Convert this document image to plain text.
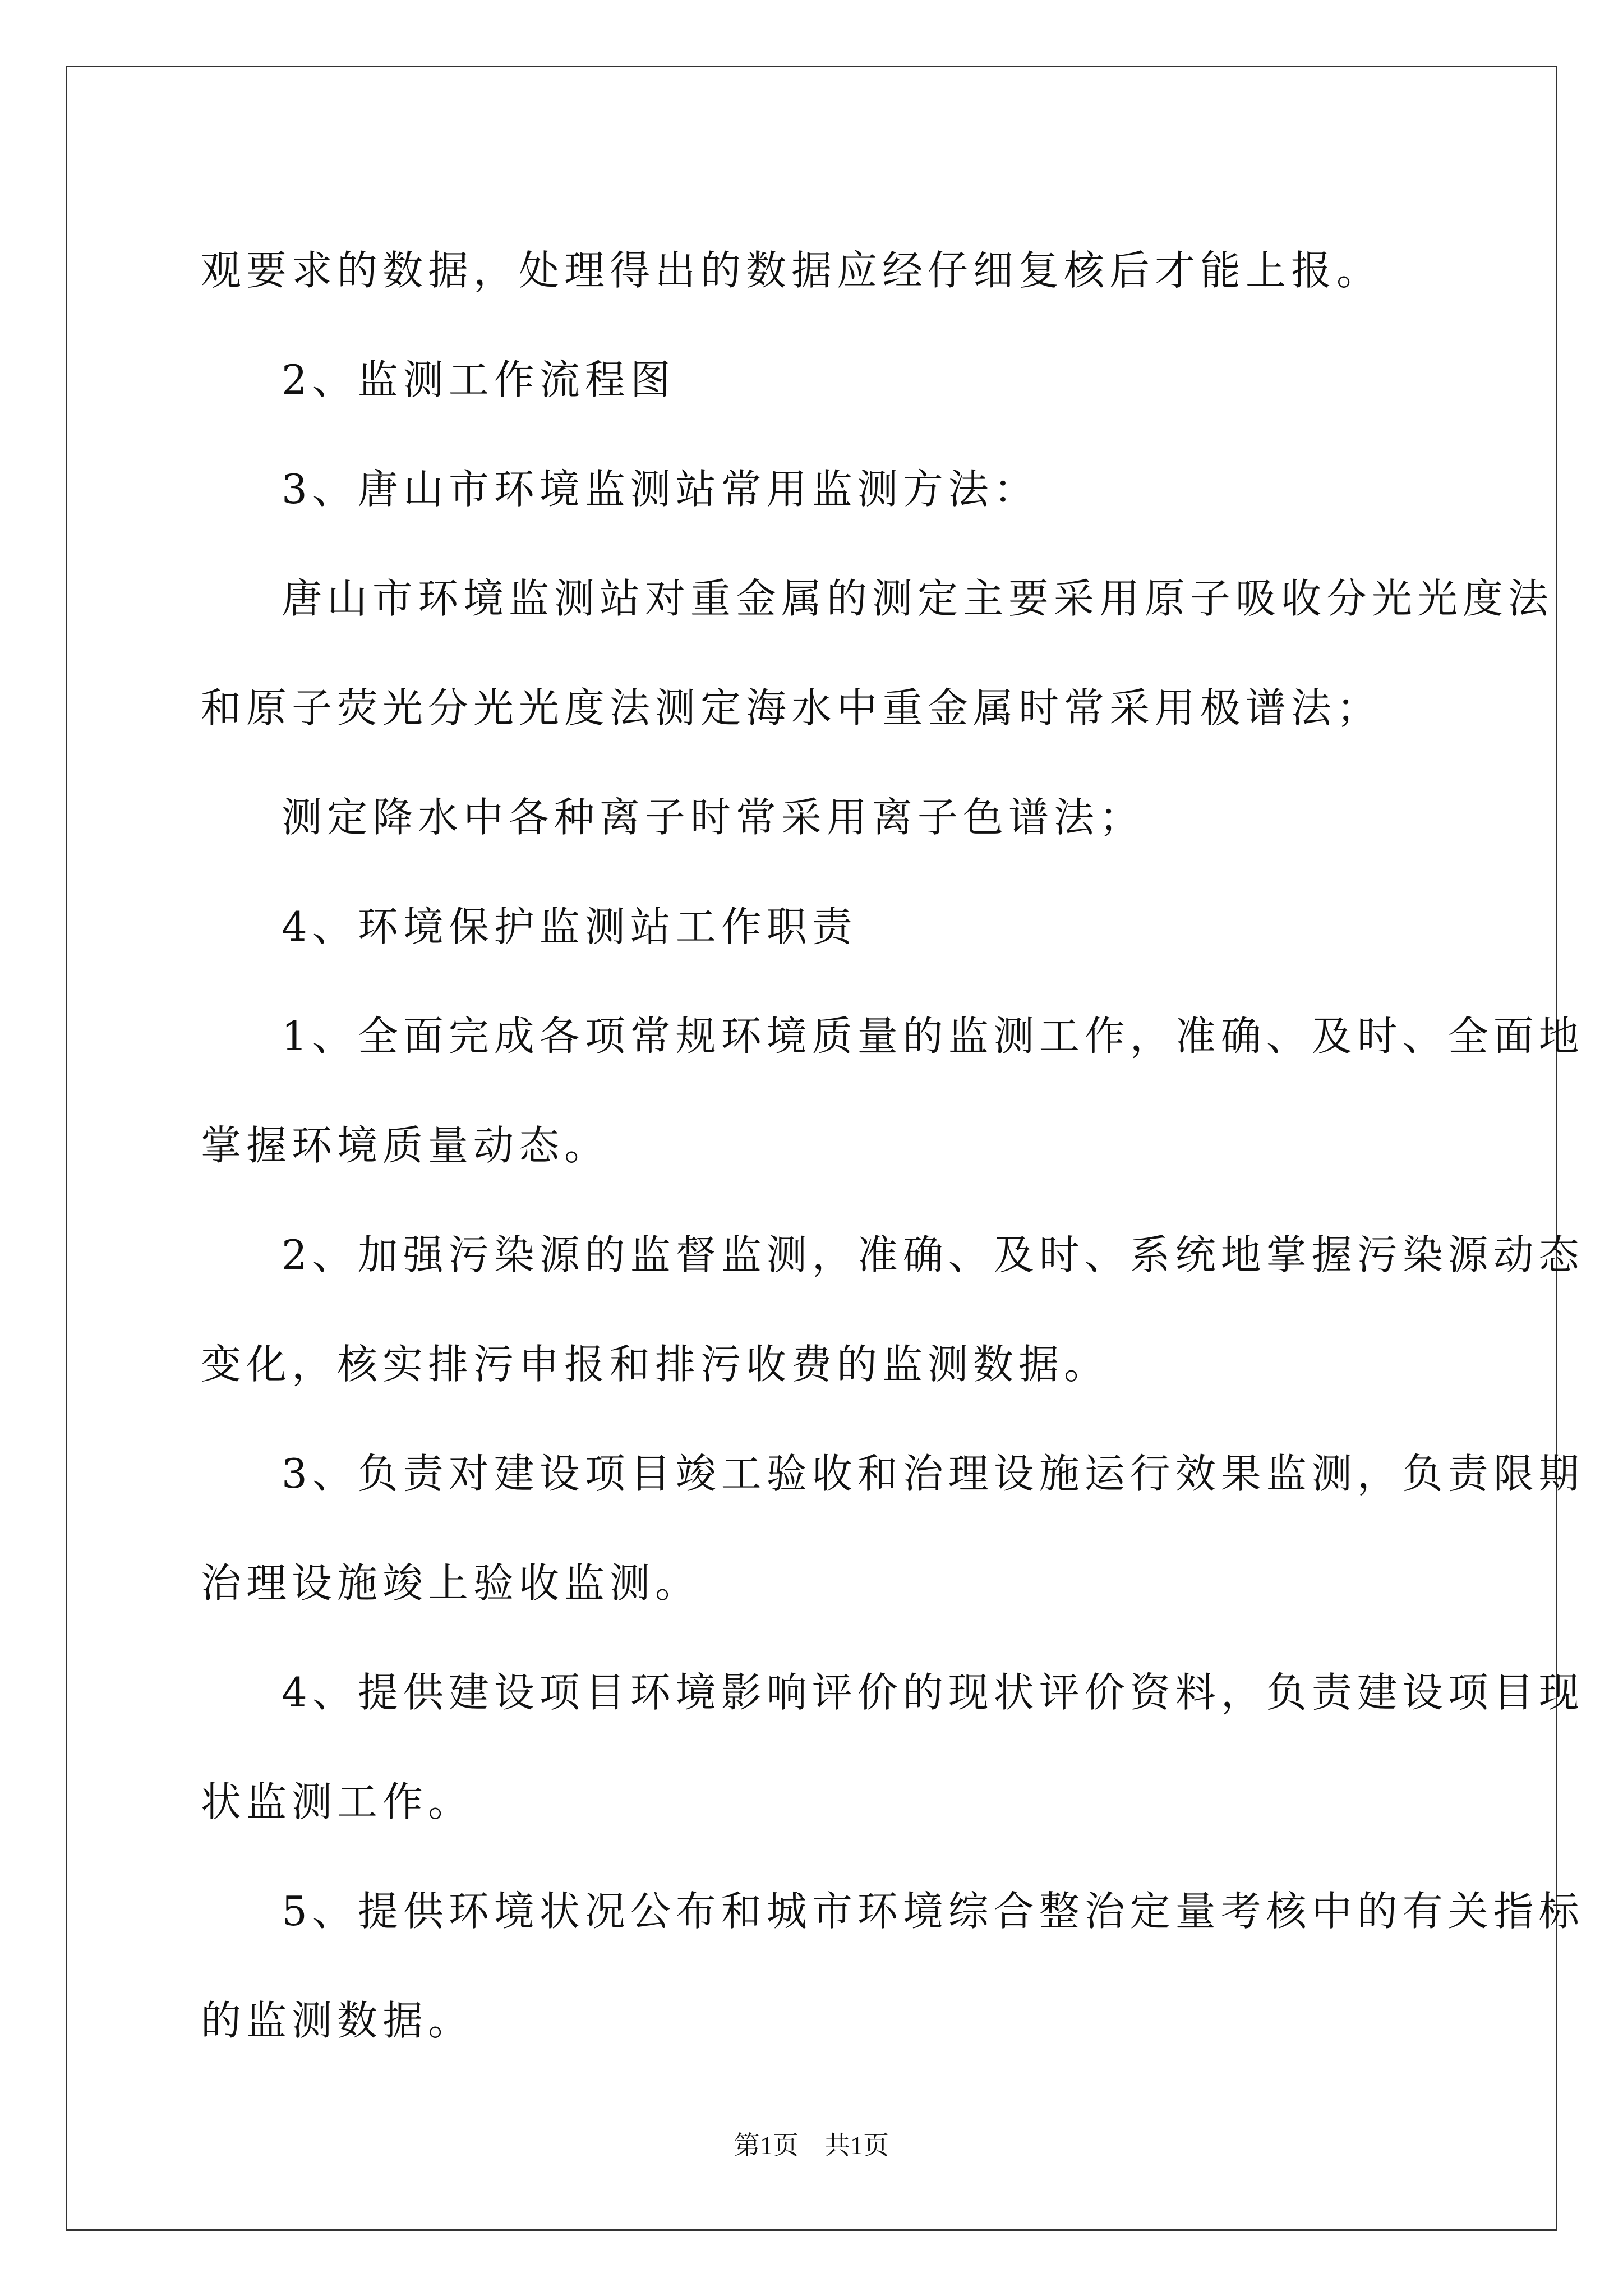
观要求的数据，处理得出的数据应经仔细复核后才能上报。

2、监测工作流程图

3、唐山市环境监测站常用监测方法：

唐山市环境监测站对重金属的测定主要采用原子吸收分光光度法

和原子荧光分光光度法测定海水中重金属时常采用极谱法；

测定降水中各种离子时常采用离子色谱法；

4、环境保护监测站工作职责

1、全面完成各项常规环境质量的监测工作，准确、及时、全面地

掌握环境质量动态。

2、加强污染源的监督监测，准确、及时、系统地掌握污染源动态

变化，核实排污申报和排污收费的监测数据。

3、负责对建设项目竣工验收和治理设施运行效果监测，负责限期

治理设施竣上验收监测。

4、提供建设项目环境影响评价的现状评价资料，负责建设项目现

状监测工作。

5、提供环境状况公布和城市环境综合整治定量考核中的有关指标

的监测数据。

第1页　共1页
